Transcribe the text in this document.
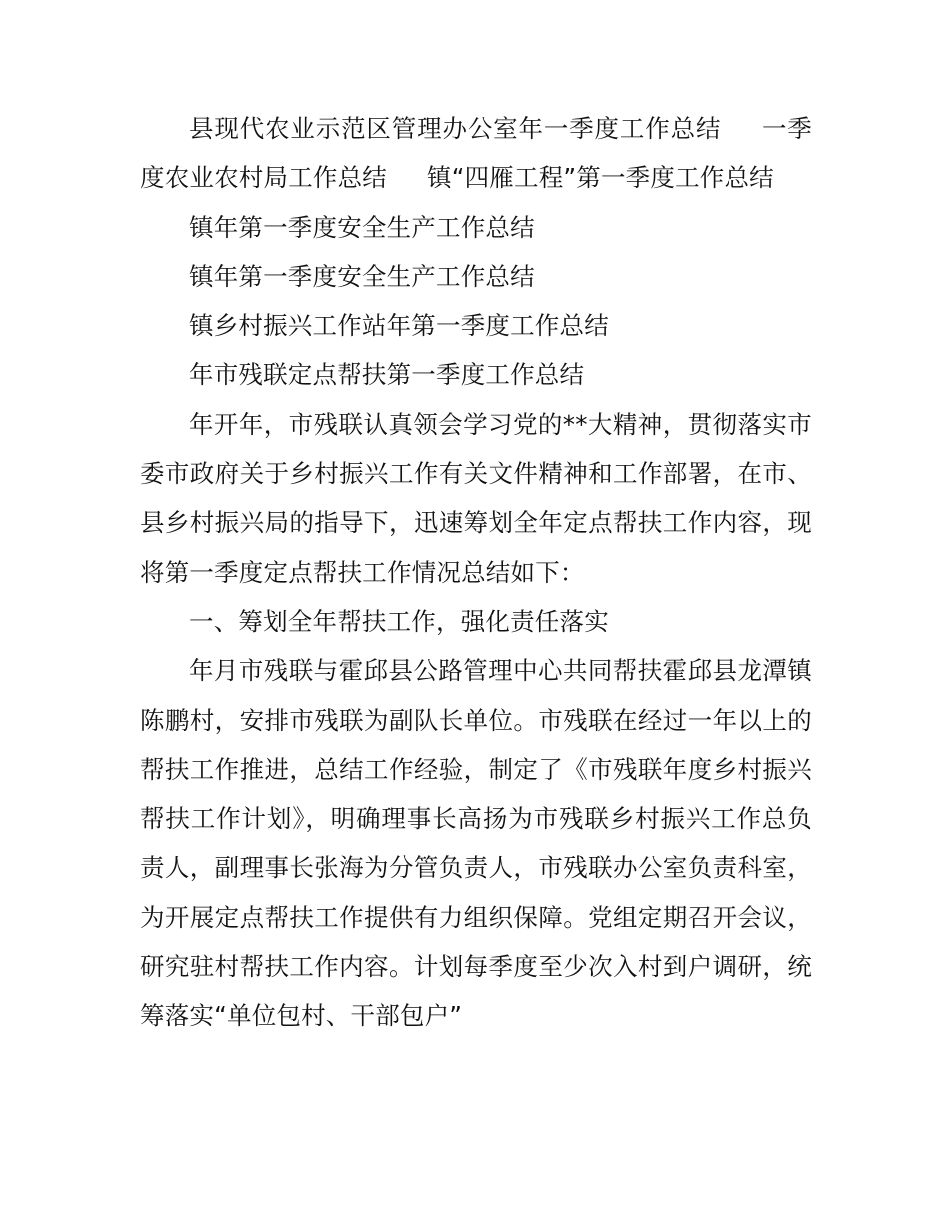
县现代农业示范区管理办公室年一季度工作总结 一季度农业农村局工作总结 镇“四雁工程”第一季度工作总结

镇年第一季度安全生产工作总结

镇年第一季度安全生产工作总结

镇乡村振兴工作站年第一季度工作总结

年市残联定点帮扶第一季度工作总结

年开年，市残联认真领会学习党的**大精神，贯彻落实市委市政府关于乡村振兴工作有关文件精神和工作部署，在市、县乡村振兴局的指导下，迅速筹划全年定点帮扶工作内容，现将第一季度定点帮扶工作情况总结如下：

一、筹划全年帮扶工作，强化责任落实

年月市残联与霍邱县公路管理中心共同帮扶霍邱县龙潭镇陈鹏村，安排市残联为副队长单位。市残联在经过一年以上的帮扶工作推进，总结工作经验，制定了《市残联年度乡村振兴帮扶工作计划》，明确理事长高扬为市残联乡村振兴工作总负责人，副理事长张海为分管负责人，市残联办公室负责科室，为开展定点帮扶工作提供有力组织保障。党组定期召开会议，研究驻村帮扶工作内容。计划每季度至少次入村到户调研，统筹落实“单位包村、干部包户”
